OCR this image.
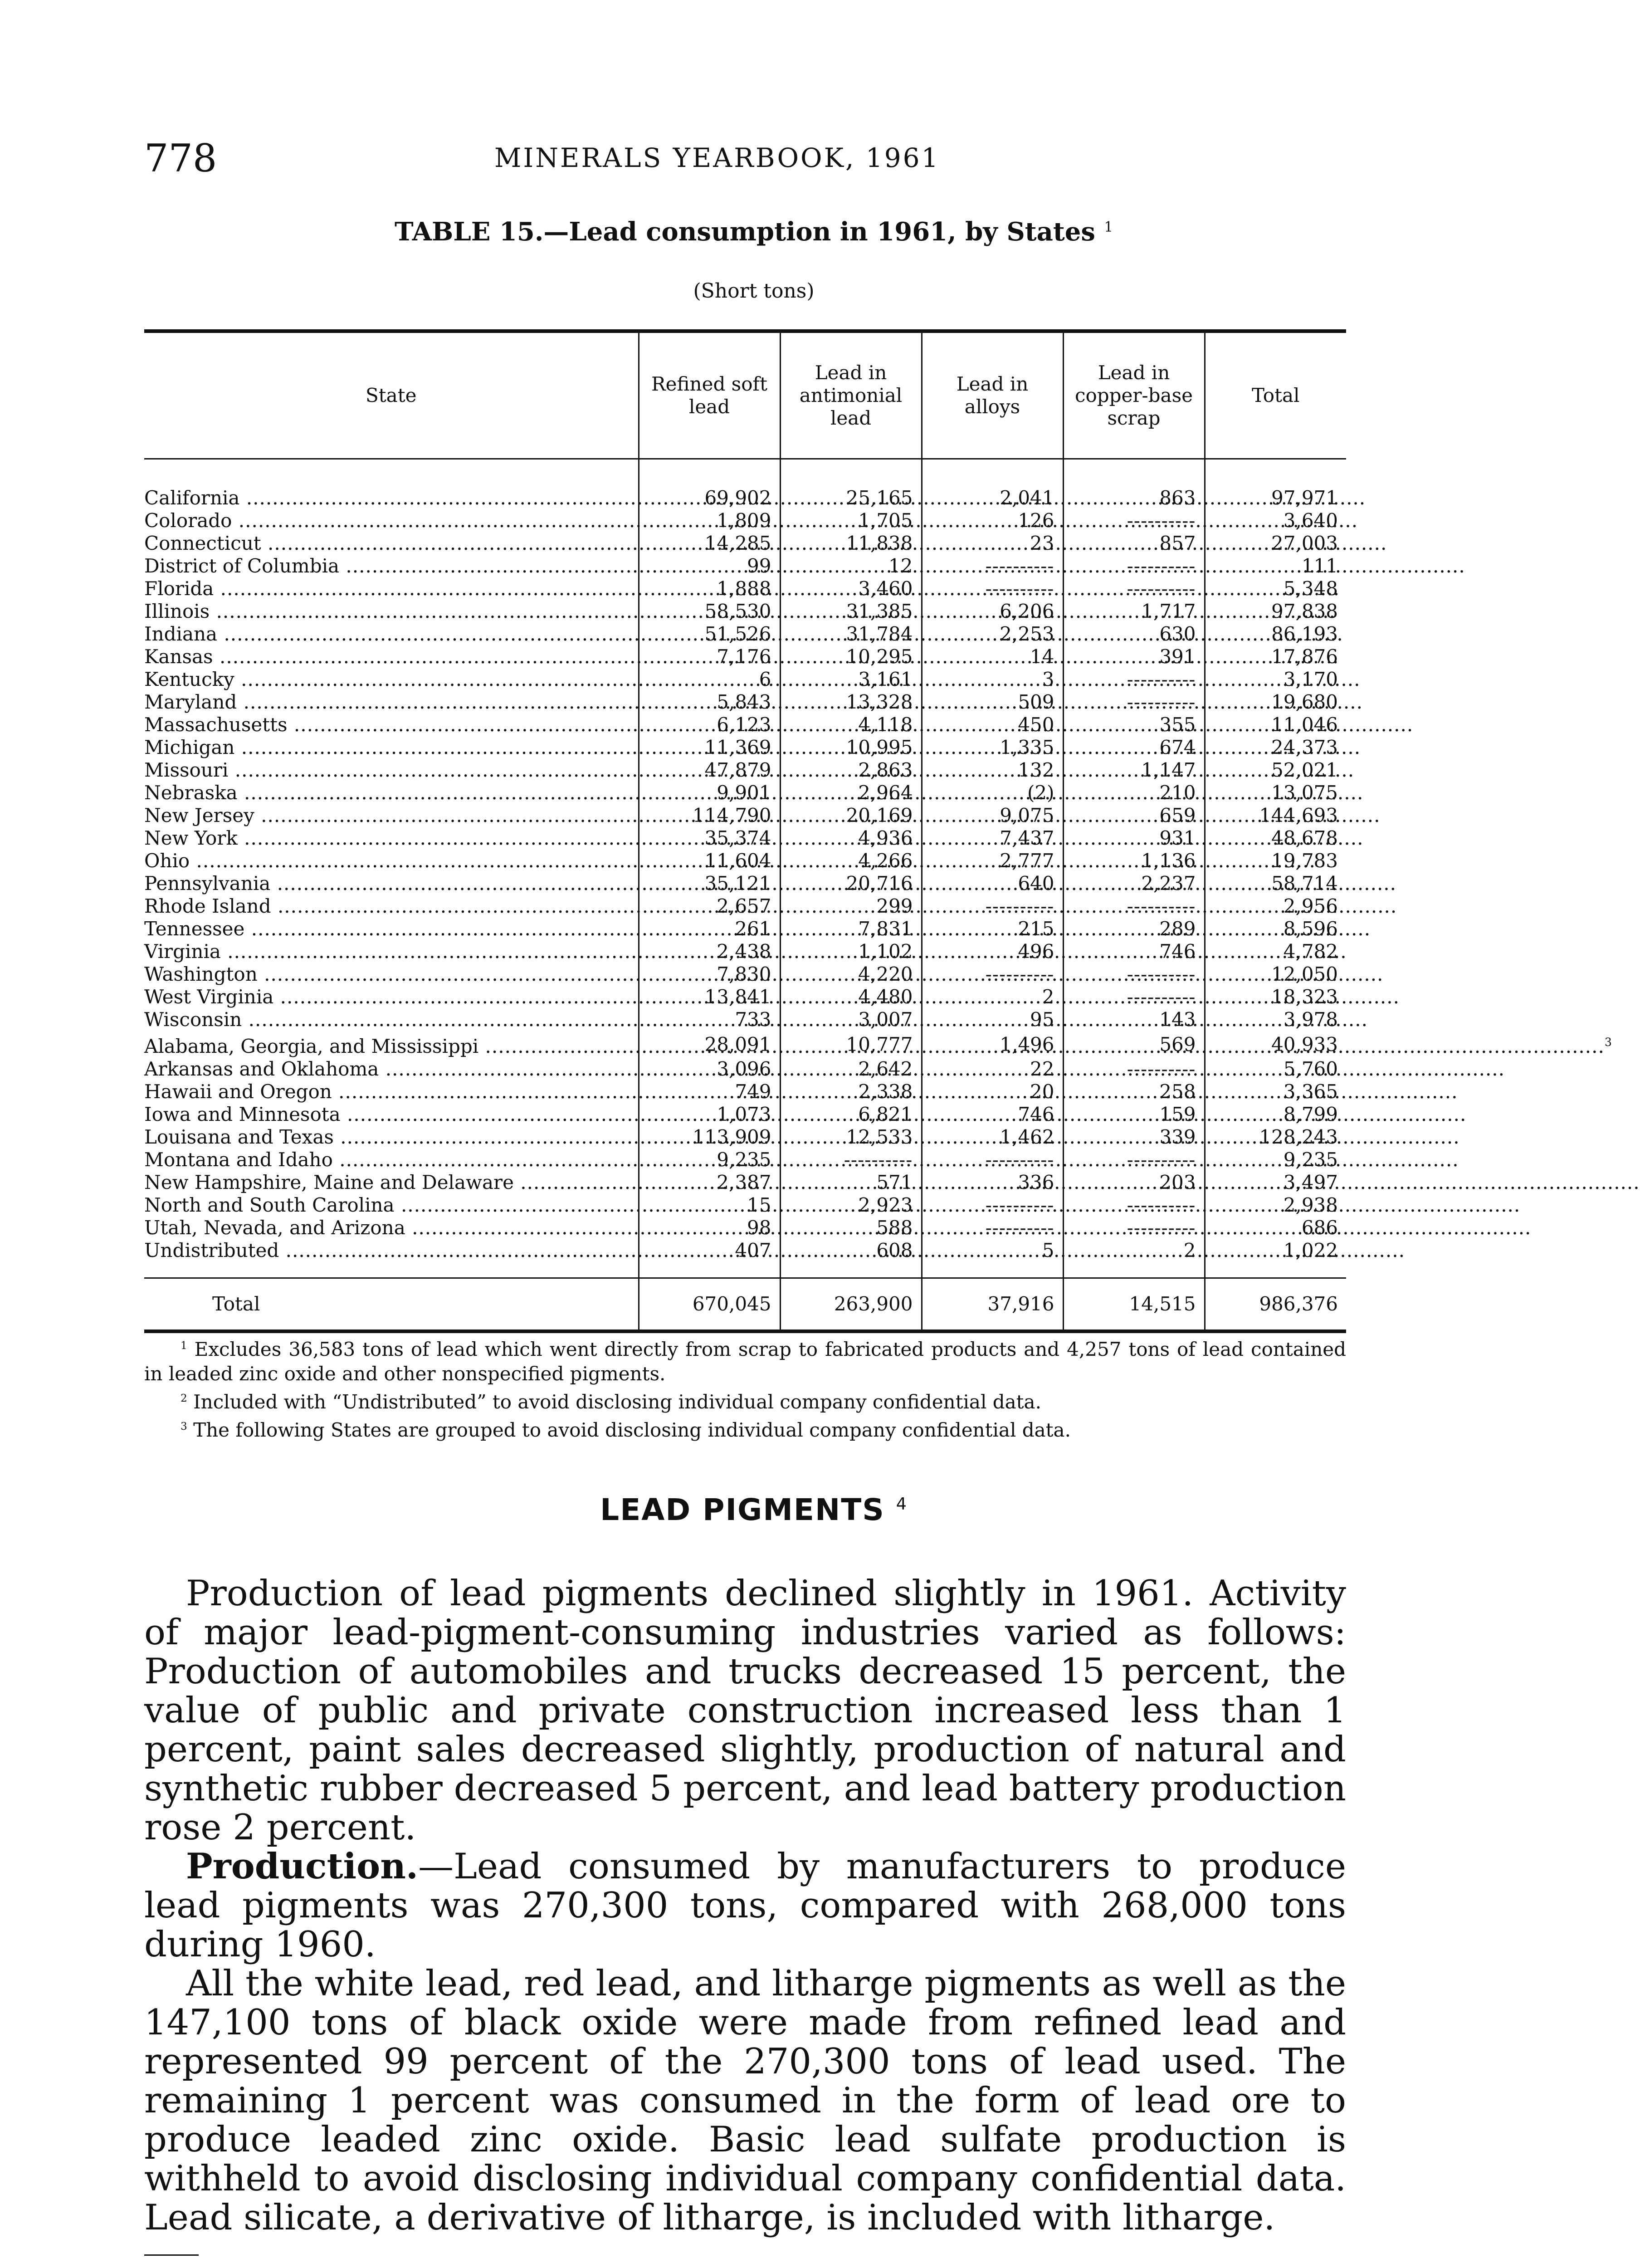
778	MINERALS YEARBOOK, 1961
TABLE 15.—Lead consumption in 1961, by States $^1$
(Short tons)
State	Refined soft lead	Lead in antimonial lead	Lead in alloys	Lead in copper-base scrap	Total
California .....	69,902	25,165	2,041	863	97,971
Colorado .....	1,809	1,705	126	----------	3,640
Connecticut .....	14,285	11,838	23	857	27,003
District of Columbia .....	99	12	----------	----------	111
Florida .....	1,888	3,460	----------	----------	5,348
Illinois .....	58,530	31,385	6,206	1,717	97,838
Indiana .....	51,526	31,784	2,253	630	86,193
Kansas .....	7,176	10,295	14	391	17,876
Kentucky .....	6	3,161	3	----------	3,170
Maryland .....	5,843	13,328	509	----------	19,680
Massachusetts .....	6,123	4,118	450	355	11,046
Michigan .....	11,369	10,995	1,335	674	24,373
Missouri .....	47,879	2,863	132	1,147	52,021
Nebraska .....	9,901	2,964	(2)	210	13,075
New Jersey .....	114,790	20,169	9,075	659	144,693
New York .....	35,374	4,936	7,437	931	48,678
Ohio .....	11,604	4,266	2,777	1,136	19,783
Pennsylvania .....	35,121	20,716	640	2,237	58,714
Rhode Island .....	2,657	299	----------	----------	2,956
Tennessee .....	261	7,831	215	289	8,596
Virginia .....	2,438	1,102	496	746	4,782
Washington .....	7,830	4,220	----------	----------	12,050
West Virginia .....	13,841	4,480	2	----------	18,323
Wisconsin .....	733	3,007	95	143	3,978
Alabama, Georgia, and Mississippi ..... $^3$	28,091	10,777	1,496	569	40,933
Arkansas and Oklahoma .....	3,096	2,642	22	----------	5,760
Hawaii and Oregon .....	749	2,338	20	258	3,365
Iowa and Minnesota .....	1,073	6,821	746	159	8,799
Louisana and Texas .....	113,909	12,533	1,462	339	128,243
Montana and Idaho .....	9,235	----------	----------	----------	9,235
New Hampshire, Maine and Delaware .....	2,387	571	336	203	3,497
North and South Carolina .....	15	2,923	----------	----------	2,938
Utah, Nevada, and Arizona .....	98	588	----------	----------	686
Undistributed .....	407	608	5	2	1,022
Total	670,045	263,900	37,916	14,515	986,376

$^1$ Excludes 36,583 tons of lead which went directly from scrap to fabricated products and 4,257 tons of lead contained in leaded zinc oxide and other nonspecified pigments.

$^2$ Included with “Undistributed” to avoid disclosing individual company confidential data.

$^3$ The following States are grouped to avoid disclosing individual company confidential data.

LEAD PIGMENTS $^4$

Production of lead pigments declined slightly in 1961. Activity of major lead-pigment-consuming industries varied as follows: Production of automobiles and trucks decreased 15 percent, the value of public and private construction increased less than 1 percent, paint sales decreased slightly, production of natural and synthetic rubber decreased 5 percent, and lead battery production rose 2 percent.

Production.—Lead consumed by manufacturers to produce lead pigments was 270,300 tons, compared with 268,000 tons during 1960.

All the white lead, red lead, and litharge pigments as well as the 147,100 tons of black oxide were made from refined lead and represented 99 percent of the 270,300 tons of lead used. The remaining 1 percent was consumed in the form of lead ore to produce leaded zinc oxide. Basic lead sulfate production is withheld to avoid disclosing individual company confidential data. Lead silicate, a derivative of litharge, is included with litharge.
